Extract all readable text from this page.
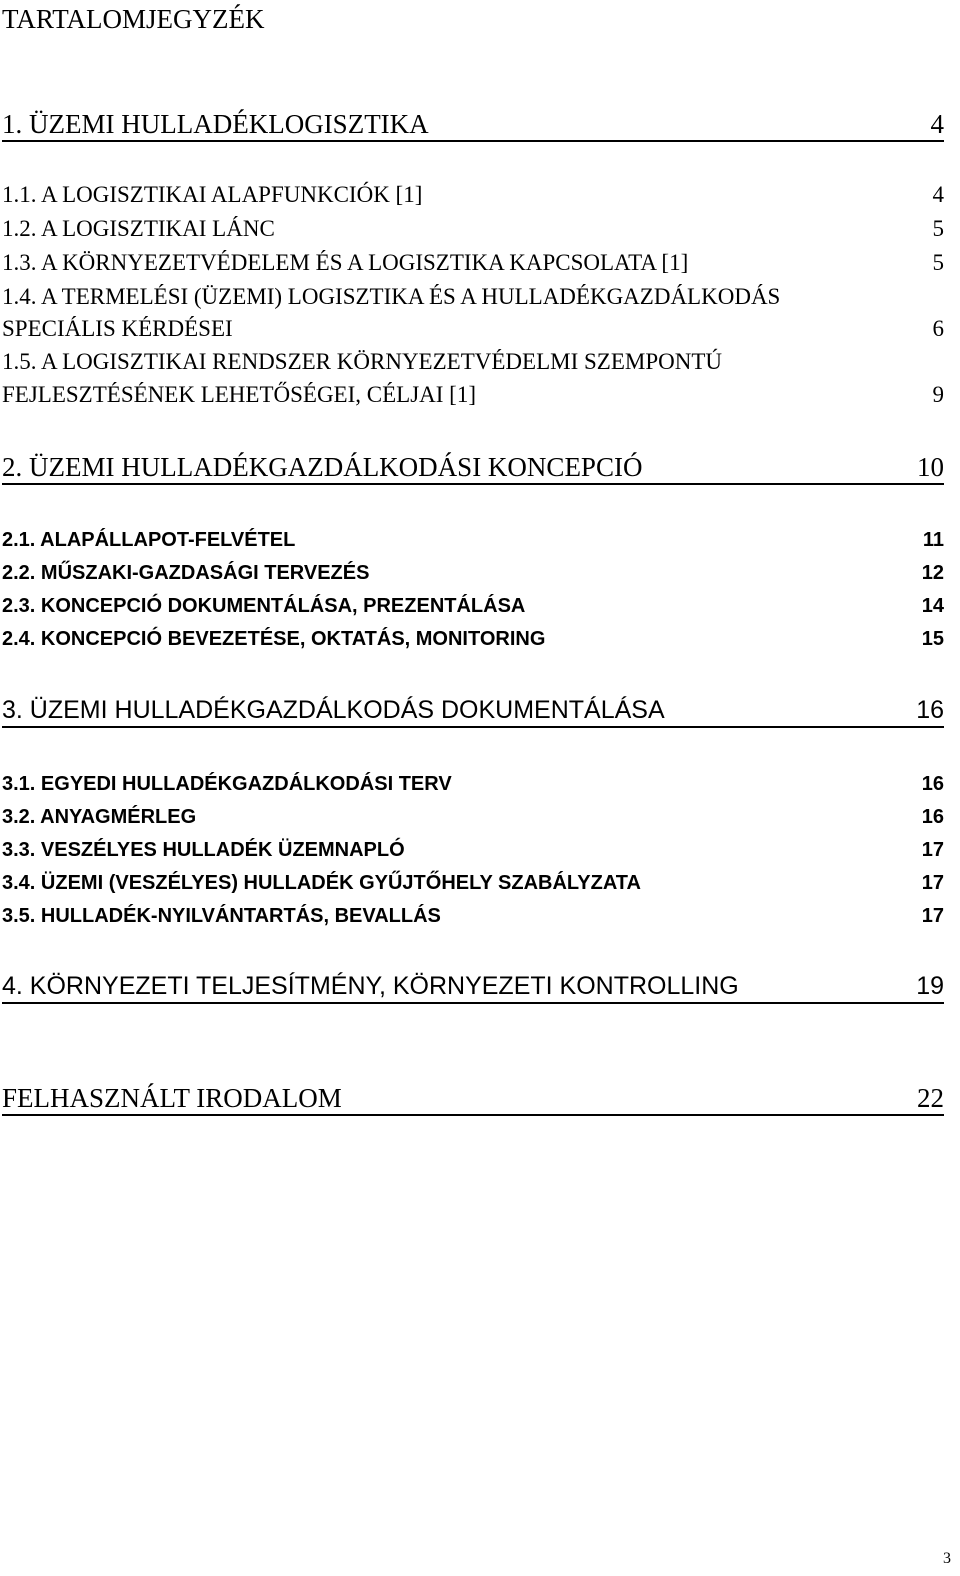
TARTALOMJEGYZÉK
1. ÜZEMI HULLADÉKLOGISZTIKA	4
1.1. A LOGISZTIKAI ALAPFUNKCIÓK [1]	4
1.2. A LOGISZTIKAI LÁNC	5
1.3. A KÖRNYEZETVÉDELEM ÉS A LOGISZTIKA KAPCSOLATA [1]	5
1.4. A TERMELÉSI (ÜZEMI) LOGISZTIKA ÉS A HULLADÉKGAZDÁLKODÁS
SPECIÁLIS KÉRDÉSEI	6
1.5. A LOGISZTIKAI RENDSZER KÖRNYEZETVÉDELMI SZEMPONTÚ
FEJLESZTÉSÉNEK LEHETŐSÉGEI, CÉLJAI [1]	9
2. ÜZEMI HULLADÉKGAZDÁLKODÁSI KONCEPCIÓ	10
2.1. ALAPÁLLAPOT-FELVÉTEL	11
2.2. MŰSZAKI-GAZDASÁGI TERVEZÉS	12
2.3. KONCEPCIÓ DOKUMENTÁLÁSA, PREZENTÁLÁSA	14
2.4. KONCEPCIÓ BEVEZETÉSE, OKTATÁS, MONITORING	15
3. ÜZEMI HULLADÉKGAZDÁLKODÁS DOKUMENTÁLÁSA	16
3.1. EGYEDI HULLADÉKGAZDÁLKODÁSI TERV	16
3.2. ANYAGMÉRLEG	16
3.3. VESZÉLYES HULLADÉK ÜZEMNAPLÓ	17
3.4. ÜZEMI (VESZÉLYES) HULLADÉK GYŰJTŐHELY SZABÁLYZATA	17
3.5. HULLADÉK-NYILVÁNTARTÁS, BEVALLÁS	17
4. KÖRNYEZETI TELJESÍTMÉNY, KÖRNYEZETI KONTROLLING	19
FELHASZNÁLT IRODALOM	22
3
